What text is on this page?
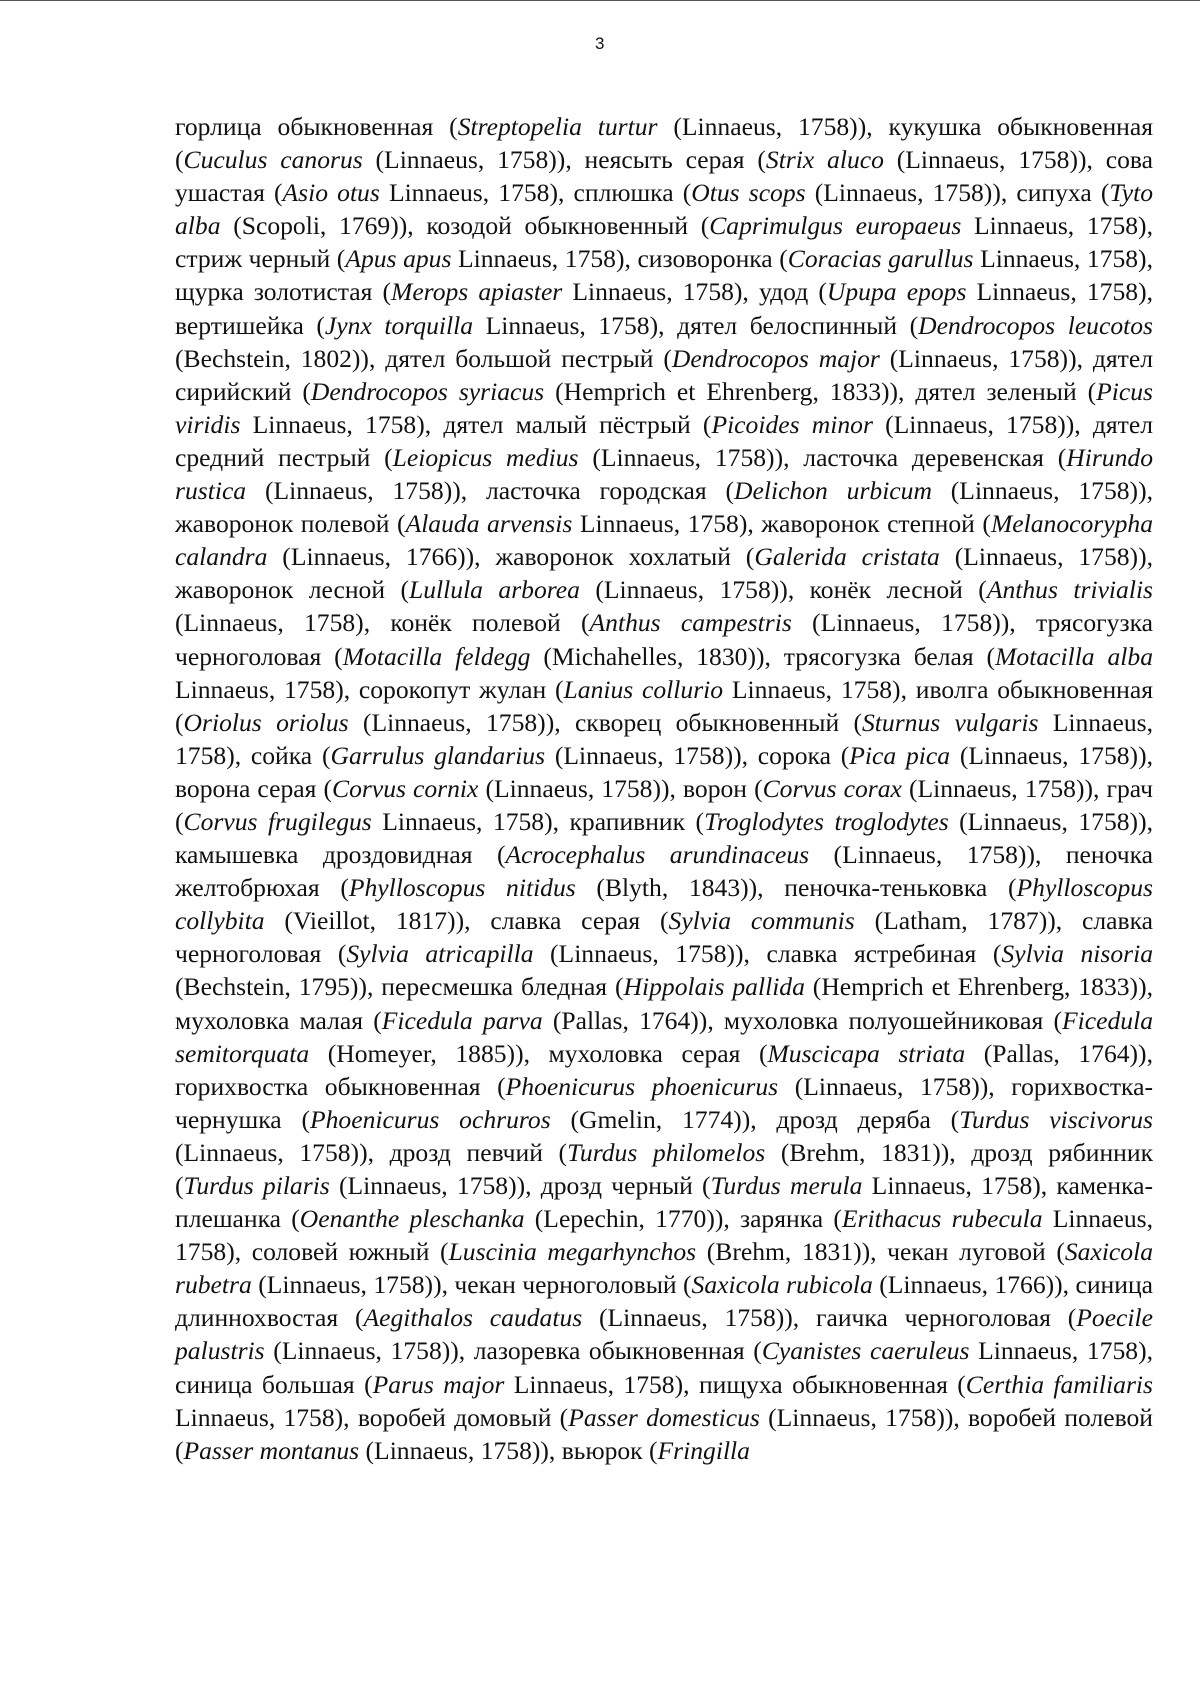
3

горлица обыкновенная (Streptopelia turtur (Linnaeus, 1758)), кукушка обыкновенная (Cuculus canorus (Linnaeus, 1758)), неясыть серая (Strix aluco (Linnaeus, 1758)), сова ушастая (Asio otus Linnaeus, 1758), сплюшка (Otus scops (Linnaeus, 1758)), сипуха (Tyto alba (Scopoli, 1769)), козодой обыкновенный (Caprimulgus europaeus Linnaeus, 1758), стриж черный (Apus apus Linnaeus, 1758), сизоворонка (Coracias garullus Linnaeus, 1758), щурка золотистая (Merops apiaster Linnaeus, 1758), удод (Upupa epops Linnaeus, 1758), вертишейка (Jynx torquilla Linnaeus, 1758), дятел белоспинный (Dendrocopos leucotos (Bechstein, 1802)), дятел большой пестрый (Dendrocopos major (Linnaeus, 1758)), дятел сирийский (Dendrocopos syriacus (Hemprich et Ehrenberg, 1833)), дятел зеленый (Picus viridis Linnaeus, 1758), дятел малый пёстрый (Picoides minor (Linnaeus, 1758)), дятел средний пестрый (Leiopicus medius (Linnaeus, 1758)), ласточка деревенская (Hirundo rustica (Linnaeus, 1758)), ласточка городская (Delichon urbicum (Linnaeus, 1758)), жаворонок полевой (Alauda arvensis Linnaeus, 1758), жаворонок степной (Melanocorypha calandra (Linnaeus, 1766)), жаворонок хохлатый (Galerida cristata (Linnaeus, 1758)), жаворонок лесной (Lullula arborea (Linnaeus, 1758)), конёк лесной (Anthus trivialis (Linnaeus, 1758), конёк полевой (Anthus campestris (Linnaeus, 1758)), трясогузка черноголовая (Motacilla feldegg (Michahelles, 1830)), трясогузка белая (Motacilla alba Linnaeus, 1758), сорокопут жулан (Lanius collurio Linnaeus, 1758), иволга обыкновенная (Oriolus oriolus (Linnaeus, 1758)), скворец обыкновенный (Sturnus vulgaris Linnaeus, 1758), сойка (Garrulus glandarius (Linnaeus, 1758)), сорока (Pica pica (Linnaeus, 1758)), ворона серая (Corvus cornix (Linnaeus, 1758)), ворон (Corvus corax (Linnaeus, 1758)), грач (Corvus frugilegus Linnaeus, 1758), крапивник (Troglodytes troglodytes (Linnaeus, 1758)), камышевка дроздовидная (Acrocephalus arundinaceus (Linnaeus, 1758)), пеночка желтобрюхая (Phylloscopus nitidus (Blyth, 1843)), пеночка-теньковка (Phylloscopus collybita (Vieillot, 1817)), славка серая (Sylvia communis (Latham, 1787)), славка черноголовая (Sylvia atricapilla (Linnaeus, 1758)), славка ястребиная (Sylvia nisoria (Bechstein, 1795)), пересмешка бледная (Hippolais pallida (Hemprich et Ehrenberg, 1833)), мухоловка малая (Ficedula parva (Pallas, 1764)), мухоловка полуошейниковая (Ficedula semitorquata (Homeyer, 1885)), мухоловка серая (Muscicapa striata (Pallas, 1764)), горихвостка обыкновенная (Phoenicurus phoenicurus (Linnaeus, 1758)), горихвостка-чернушка (Phoenicurus ochruros (Gmelin, 1774)), дрозд деряба (Turdus viscivorus (Linnaeus, 1758)), дрозд певчий (Turdus philomelos (Brehm, 1831)), дрозд рябинник (Turdus pilaris (Linnaeus, 1758)), дрозд черный (Turdus merula Linnaeus, 1758), каменка-плешанка (Oenanthe pleschanka (Lepechin, 1770)), зарянка (Erithacus rubecula Linnaeus, 1758), соловей южный (Luscinia megarhynchos (Brehm, 1831)), чекан луговой (Saxicola rubetra (Linnaeus, 1758)), чекан черноголовый (Saxicola rubicola (Linnaeus, 1766)), синица длиннохвостая (Aegithalos caudatus (Linnaeus, 1758)), гаичка черноголовая (Poecile palustris (Linnaeus, 1758)), лазоревка обыкновенная (Cyanistes caeruleus Linnaeus, 1758), синица большая (Parus major Linnaeus, 1758), пищуха обыкновенная (Certhia familiaris Linnaeus, 1758), воробей домовый (Passer domesticus (Linnaeus, 1758)), воробей полевой (Passer montanus (Linnaeus, 1758)), вьюрок (Fringilla
